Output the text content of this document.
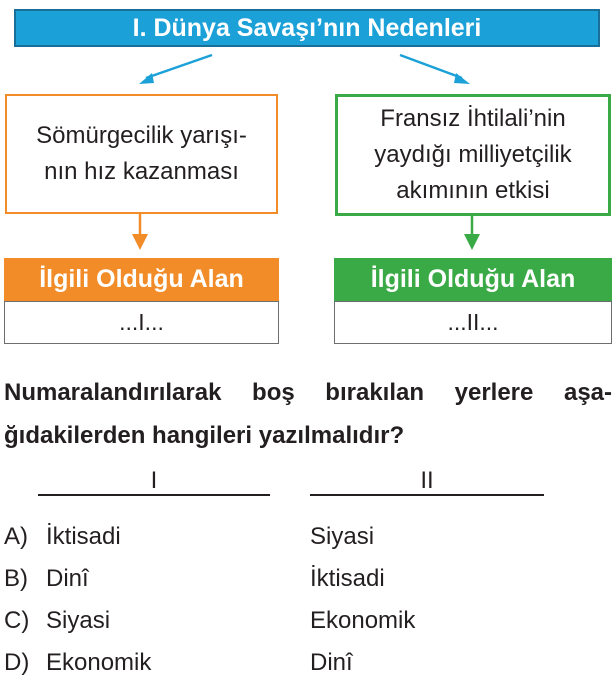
I. Dünya Savaşı’nın Nedenleri
Sömürgecilik yarışı-
nın hız kazanması
Fransız İhtilali’nin
yaydığı milliyetçilik
akımının etkisi
İlgili Olduğu Alan
...I...
İlgili Olduğu Alan
...II...
Numaralandırılarak boş bırakılan yerlere aşa-
ğıdakilerden hangileri yazılmalıdır?
I	II
A) İktisadi	Siyasi
B) Dinî	İktisadi
C) Siyasi	Ekonomik
D) Ekonomik	Dinî
